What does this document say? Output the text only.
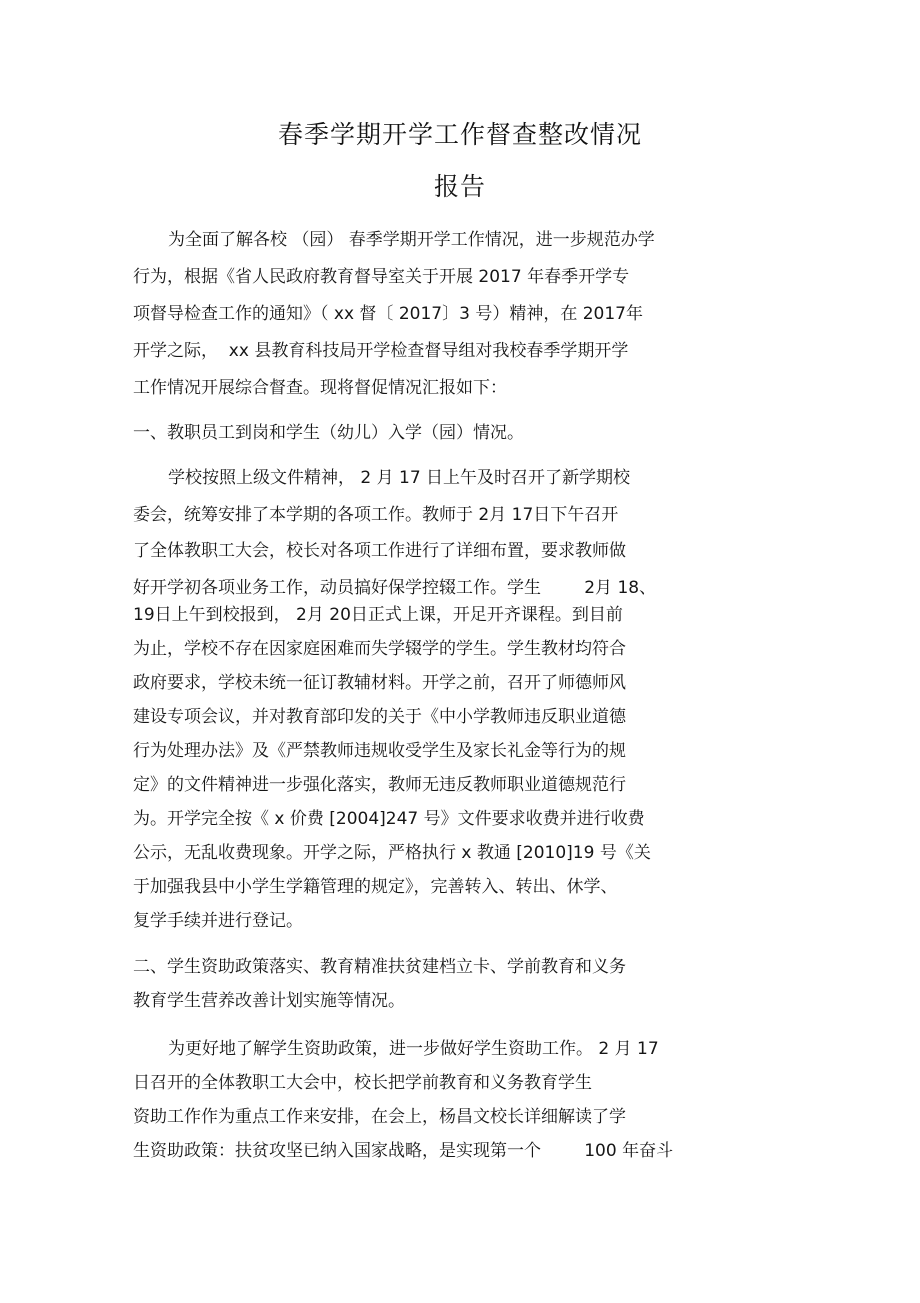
春季学期开学工作督查整改情况
报告
为全面了解各校 （园） 春季学期开学工作情况，进一步规范办学
行为，根据《省人民政府教育督导室关于开展 2017 年春季开学专
项督导检查工作的通知》（ xx 督〔 2017〕3 号）精神，在 2017年
开学之际，  xx 县教育科技局开学检查督导组对我校春季学期开学
工作情况开展综合督查。现将督促情况汇报如下：
一、教职员工到岗和学生（幼儿）入学（园）情况。
学校按照上级文件精神， 2 月 17 日上午及时召开了新学期校
委会，统筹安排了本学期的各项工作。教师于 2月 17日下午召开
了全体教职工大会，校长对各项工作进行了详细布置，要求教师做
好开学初各项业务工作，动员搞好保学控辍工作。学生        2月 18、
19日上午到校报到， 2月 20日正式上课，开足开齐课程。到目前
为止，学校不存在因家庭困难而失学辍学的学生。学生教材均符合
政府要求，学校未统一征订教辅材料。开学之前，召开了师德师风
建设专项会议，并对教育部印发的关于《中小学教师违反职业道德
行为处理办法》及《严禁教师违规收受学生及家长礼金等行为的规
定》的文件精神进一步强化落实，教师无违反教师职业道德规范行
为。开学完全按《 x 价费 [2004]247 号》文件要求收费并进行收费
公示，无乱收费现象。开学之际，严格执行 x 教通 [2010]19 号《关
于加强我县中小学生学籍管理的规定》，完善转入、转出、休学、
复学手续并进行登记。
二、学生资助政策落实、教育精准扶贫建档立卡、学前教育和义务
教育学生营养改善计划实施等情况。
为更好地了解学生资助政策，进一步做好学生资助工作。 2 月 17
日召开的全体教职工大会中，校长把学前教育和义务教育学生
资助工作作为重点工作来安排，在会上，杨昌文校长详细解读了学
生资助政策：扶贫攻坚已纳入国家战略，是实现第一个        100 年奋斗
